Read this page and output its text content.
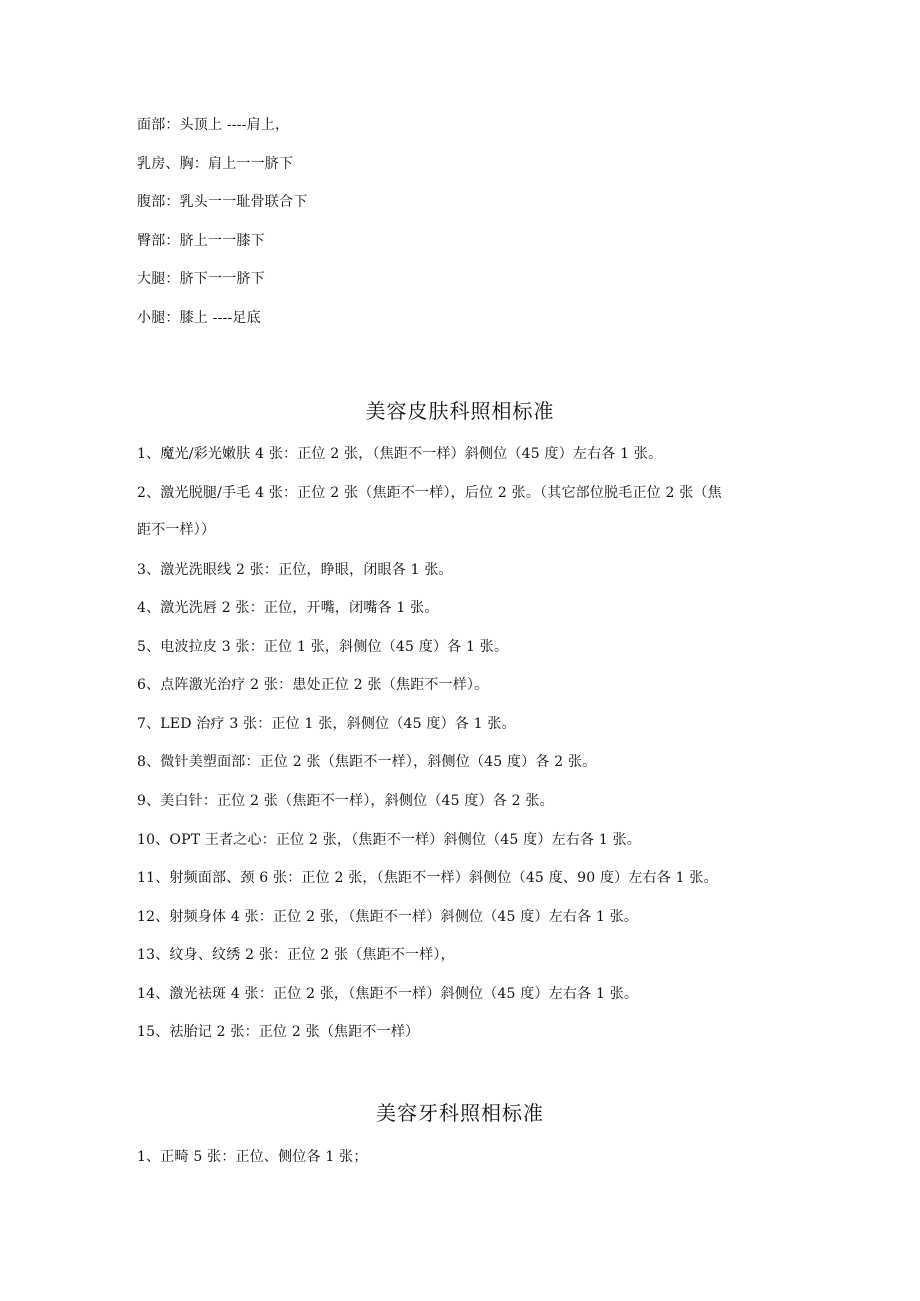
面部：头顶上 ----肩上，
乳房、胸：肩上一一脐下
腹部：乳头一一耻骨联合下
臀部：脐上一一膝下
大腿：脐下一一脐下
小腿：膝上 ----足底
美容皮肤科照相标准
1、魔光/彩光嫩肤 4 张：正位 2 张，（焦距不一样）斜侧位（45 度）左右各 1 张。
2、激光脱腿/手毛 4 张：正位 2 张（焦距不一样），后位 2 张。（其它部位脱毛正位 2 张（焦
距不一样））
3、激光洗眼线 2 张：正位，睁眼，闭眼各 1 张。
4、激光洗唇 2 张：正位，开嘴，闭嘴各 1 张。
5、电波拉皮 3 张：正位 1 张，斜侧位（45 度）各 1 张。
6、点阵激光治疗 2 张：患处正位 2 张（焦距不一样）。
7、LED 治疗 3 张：正位 1 张，斜侧位（45 度）各 1 张。
8、微针美塑面部：正位 2 张（焦距不一样），斜侧位（45 度）各 2 张。
9、美白针：正位 2 张（焦距不一样），斜侧位（45 度）各 2 张。
10、OPT 王者之心：正位 2 张，（焦距不一样）斜侧位（45 度）左右各 1 张。
11、射频面部、颈 6 张：正位 2 张，（焦距不一样）斜侧位（45 度、90 度）左右各 1 张。
12、射频身体 4 张：正位 2 张，（焦距不一样）斜侧位（45 度）左右各 1 张。
13、纹身、纹绣 2 张：正位 2 张（焦距不一样），
14、激光祛斑 4 张：正位 2 张，（焦距不一样）斜侧位（45 度）左右各 1 张。
15、祛胎记 2 张：正位 2 张（焦距不一样）
美容牙科照相标准
1、正畸 5 张：正位、侧位各 1 张；
